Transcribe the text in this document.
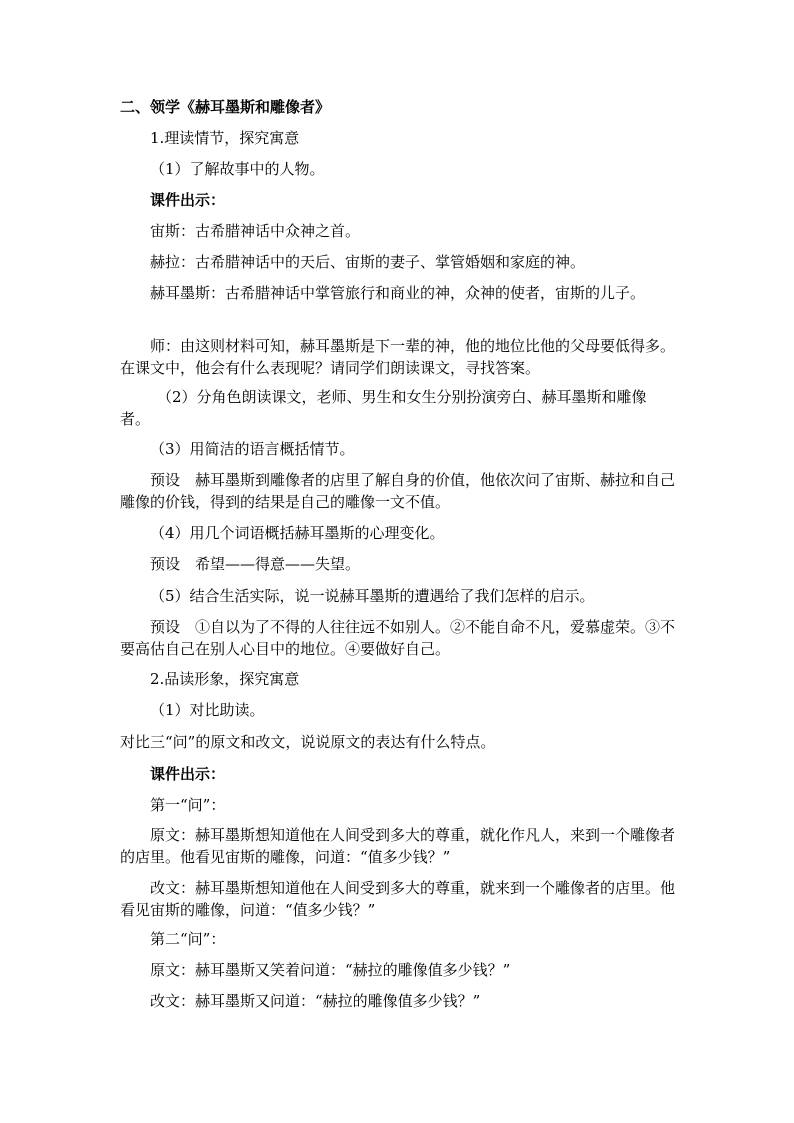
二、领学《赫耳墨斯和雕像者》
1.理读情节，探究寓意
（1）了解故事中的人物。
课件出示：
宙斯：古希腊神话中众神之首。
赫拉：古希腊神话中的天后、宙斯的妻子、掌管婚姻和家庭的神。
赫耳墨斯：古希腊神话中掌管旅行和商业的神，众神的使者，宙斯的儿子。
师：由这则材料可知，赫耳墨斯是下一辈的神，他的地位比他的父母要低得多。在课文中，他会有什么表现呢？请同学们朗读课文，寻找答案。
（2）分角色朗读课文，老师、男生和女生分别扮演旁白、赫耳墨斯和雕像者。
（3）用简洁的语言概括情节。
预设　赫耳墨斯到雕像者的店里了解自身的价值，他依次问了宙斯、赫拉和自己雕像的价钱，得到的结果是自己的雕像一文不值。
（4）用几个词语概括赫耳墨斯的心理变化。
预设　希望——得意——失望。
（5）结合生活实际，说一说赫耳墨斯的遭遇给了我们怎样的启示。
预设　①自以为了不得的人往往远不如别人。②不能自命不凡，爱慕虚荣。③不要高估自己在别人心目中的地位。④要做好自己。
2.品读形象，探究寓意
（1）对比助读。
对比三“问”的原文和改文，说说原文的表达有什么特点。
课件出示：
第一“问”：
原文：赫耳墨斯想知道他在人间受到多大的尊重，就化作凡人，来到一个雕像者的店里。他看见宙斯的雕像，问道：“值多少钱？”
改文：赫耳墨斯想知道他在人间受到多大的尊重，就来到一个雕像者的店里。他看见宙斯的雕像，问道：“值多少钱？”
第二“问”：
原文：赫耳墨斯又笑着问道：“赫拉的雕像值多少钱？”
改文：赫耳墨斯又问道：“赫拉的雕像值多少钱？”
